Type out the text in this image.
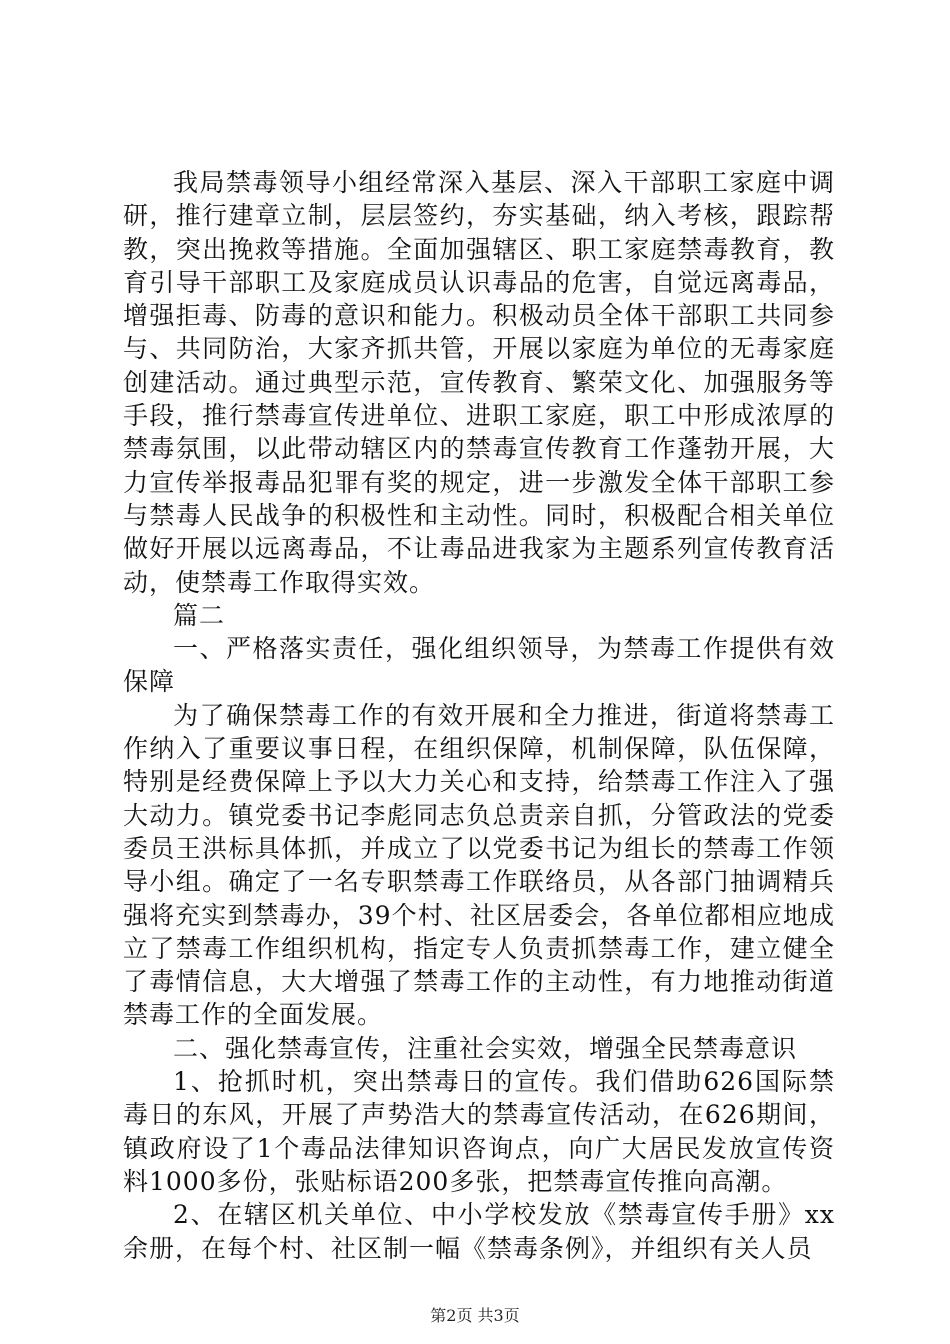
我局禁毒领导小组经常深入基层、深入干部职工家庭中调研，推行建章立制，层层签约，夯实基础，纳入考核，跟踪帮教，突出挽救等措施。全面加强辖区、职工家庭禁毒教育，教育引导干部职工及家庭成员认识毒品的危害，自觉远离毒品，增强拒毒、防毒的意识和能力。积极动员全体干部职工共同参与、共同防治，大家齐抓共管，开展以家庭为单位的无毒家庭创建活动。通过典型示范，宣传教育、繁荣文化、加强服务等手段，推行禁毒宣传进单位、进职工家庭，职工中形成浓厚的禁毒氛围，以此带动辖区内的禁毒宣传教育工作蓬勃开展，大力宣传举报毒品犯罪有奖的规定，进一步激发全体干部职工参与禁毒人民战争的积极性和主动性。同时，积极配合相关单位做好开展以远离毒品，不让毒品进我家为主题系列宣传教育活动，使禁毒工作取得实效。

篇二

一、严格落实责任，强化组织领导，为禁毒工作提供有效保障

为了确保禁毒工作的有效开展和全力推进，街道将禁毒工作纳入了重要议事日程，在组织保障，机制保障，队伍保障，特别是经费保障上予以大力关心和支持，给禁毒工作注入了强大动力。镇党委书记李彪同志负总责亲自抓，分管政法的党委委员王洪标具体抓，并成立了以党委书记为组长的禁毒工作领导小组。确定了一名专职禁毒工作联络员，从各部门抽调精兵强将充实到禁毒办，39个村、社区居委会，各单位都相应地成立了禁毒工作组织机构，指定专人负责抓禁毒工作，建立健全了毒情信息，大大增强了禁毒工作的主动性，有力地推动街道禁毒工作的全面发展。

二、强化禁毒宣传，注重社会实效，增强全民禁毒意识

1、抢抓时机，突出禁毒日的宣传。我们借助626国际禁毒日的东风，开展了声势浩大的禁毒宣传活动，在626期间，镇政府设了1个毒品法律知识咨询点，向广大居民发放宣传资料1000多份，张贴标语200多张，把禁毒宣传推向高潮。

2、在辖区机关单位、中小学校发放《禁毒宣传手册》xx余册，在每个村、社区制一幅《禁毒条例》，并组织有关人员

第2页 共3页
